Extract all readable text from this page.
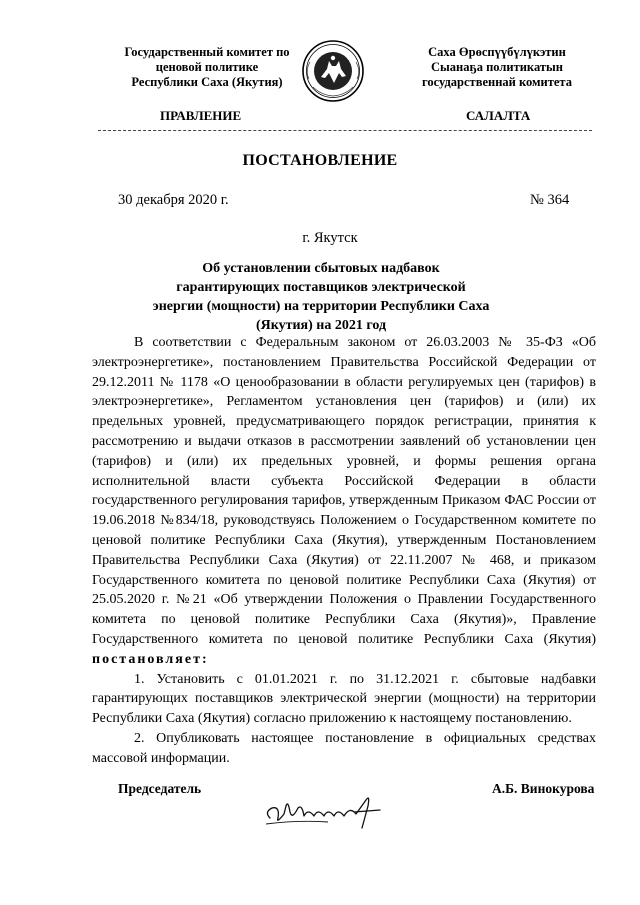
Государственный комитет по
ценовой политике
Республики Саха (Якутия)
Саха Өрөспүүбүлүкэтин
Сыанаҕа политикатын
государственнай комитета
ПРАВЛЕНИЕ	САЛАЛТА
ПОСТАНОВЛЕНИЕ
30 декабря 2020 г.	№ 364
г. Якутск
Об установлении сбытовых надбавок гарантирующих поставщиков электрической энергии (мощности) на территории Республики Саха (Якутия) на 2021 год

В соответствии с Федеральным законом от 26.03.2003 № 35-ФЗ «Об электроэнергетике», постановлением Правительства Российской Федерации от 29.12.2011 № 1178 «О ценообразовании в области регулируемых цен (тарифов) в электроэнергетике», Регламентом установления цен (тарифов) и (или) их предельных уровней, предусматривающего порядок регистрации, принятия к рассмотрению и выдачи отказов в рассмотрении заявлений об установлении цен (тарифов) и (или) их предельных уровней, и формы решения органа исполнительной власти субъекта Российской Федерации в области государственного регулирования тарифов, утвержденным Приказом ФАС России от 19.06.2018 №834/18, руководствуясь Положением о Государственном комитете по ценовой политике Республики Саха (Якутия), утвержденным Постановлением Правительства Республики Саха (Якутия) от 22.11.2007 № 468, и приказом Государственного комитета по ценовой политике Республики Саха (Якутия) от 25.05.2020 г. №21 «Об утверждении Положения о Правлении Государственного комитета по ценовой политике Республики Саха (Якутия)», Правление Государственного комитета по ценовой политике Республики Саха (Якутия) постановляет:

1. Установить с 01.01.2021 г. по 31.12.2021 г. сбытовые надбавки гарантирующих поставщиков электрической энергии (мощности) на территории Республики Саха (Якутия) согласно приложению к настоящему постановлению.

2. Опубликовать настоящее постановление в официальных средствах массовой информации.

Председатель	А.Б. Винокурова
